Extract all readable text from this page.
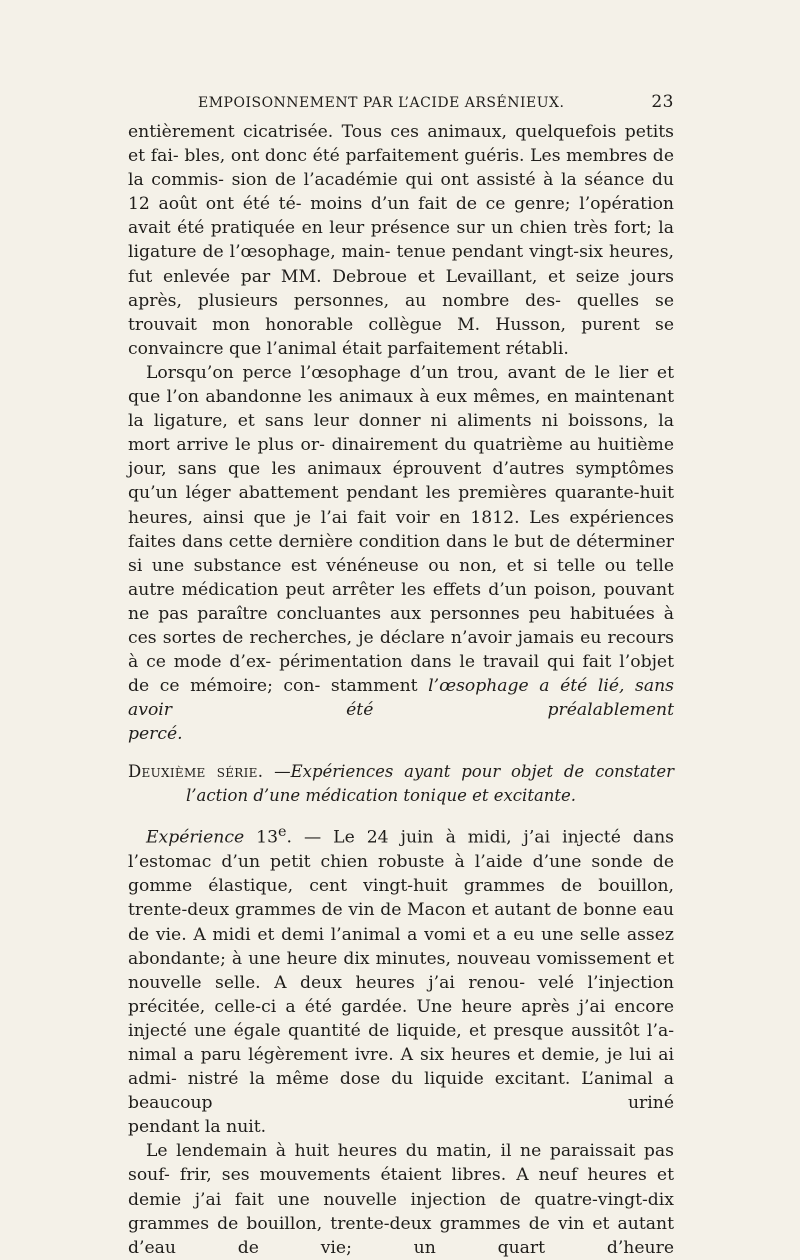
EMPOISONNEMENT PAR L’ACIDE ARSÉNIEUX.	23

entièrement cicatrisée. Tous ces animaux, quelquefois petits et fai- bles, ont donc été parfaitement guéris. Les membres de la commis- sion de l’académie qui ont assisté à la séance du 12 août ont été té- moins d’un fait de ce genre; l’opération avait été pratiquée en leur présence sur un chien très fort; la ligature de l’œsophage, main- tenue pendant vingt-six heures, fut enlevée par MM. Debroue et Levaillant, et seize jours après, plusieurs personnes, au nombre des- quelles se trouvait mon honorable collègue M. Husson, purent se

convaincre que l’animal était parfaitement rétabli.

Lorsqu’on perce l’œsophage d’un trou, avant de le lier et que l’on abandonne les animaux à eux mêmes, en maintenant la ligature, et sans leur donner ni aliments ni boissons, la mort arrive le plus or- dinairement du quatrième au huitième jour, sans que les animaux éprouvent d’autres symptômes qu’un léger abattement pendant les premières quarante-huit heures, ainsi que je l’ai fait voir en 1812. Les expériences faites dans cette dernière condition dans le but de déterminer si une substance est vénéneuse ou non, et si telle ou telle autre médication peut arrêter les effets d’un poison, pouvant ne pas paraître concluantes aux personnes peu habituées à ces sortes de recherches, je déclare n’avoir jamais eu recours à ce mode d’ex- périmentation dans le travail qui fait l’objet de ce mémoire; con- stamment l’œsophage a été lié, sans avoir été préalablement

percé.

Deuxième série. —Expériences ayant pour objet de constater
l’action d’une médication tonique et excitante.

Expérience 13e. — Le 24 juin à midi, j’ai injecté dans l’estomac d’un petit chien robuste à l’aide d’une sonde de gomme élastique, cent vingt-huit grammes de bouillon, trente-deux grammes de vin de Macon et autant de bonne eau de vie. A midi et demi l’animal a vomi et a eu une selle assez abondante; à une heure dix minutes, nouveau vomissement et nouvelle selle. A deux heures j’ai renou- velé l’injection précitée, celle-ci a été gardée. Une heure après j’ai encore injecté une égale quantité de liquide, et presque aussitôt l’a- nimal a paru légèrement ivre. A six heures et demie, je lui ai admi- nistré la même dose du liquide excitant. L’animal a beaucoup uriné

pendant la nuit.

Le lendemain à huit heures du matin, il ne paraissait pas souf- frir, ses mouvements étaient libres. A neuf heures et demie j’ai fait une nouvelle injection de quatre-vingt-dix grammes de bouillon, trente-deux grammes de vin et autant d’eau de vie; un quart d’heure
